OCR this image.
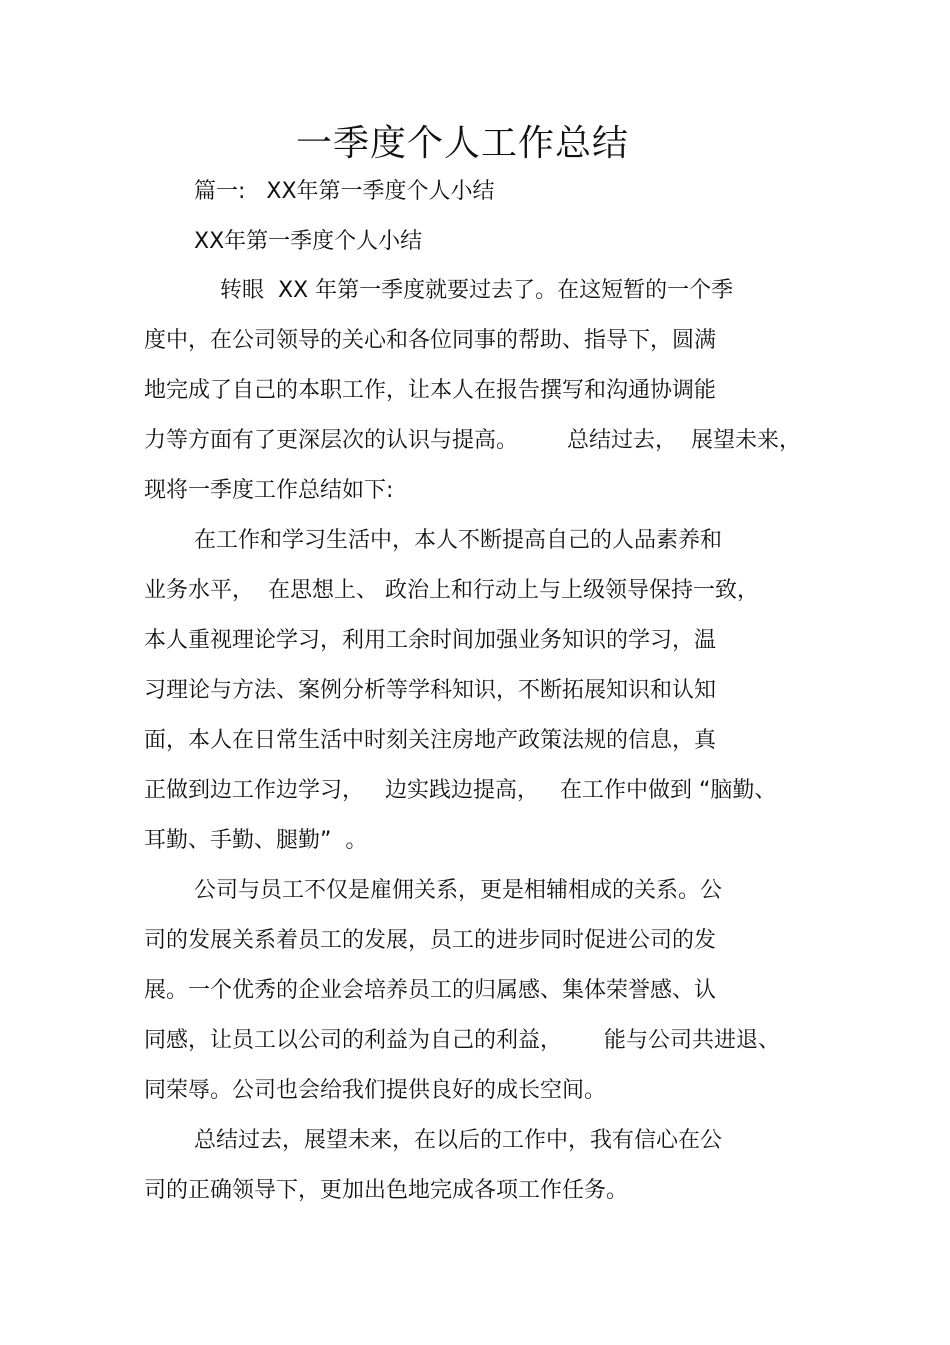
一季度个人工作总结
篇一:   XX年第一季度个人小结
XX年第一季度个人小结
转眼  XX 年第一季度就要过去了。在这短暂的一个季
度中，在公司领导的关心和各位同事的帮助、指导下，圆满
地完成了自己的本职工作，让本人在报告撰写和沟通协调能
力等方面有了更深层次的认识与提高。       总结过去，  展望未来，
现将一季度工作总结如下:
在工作和学习生活中，本人不断提高自己的人品素养和
业务水平，  在思想上、 政治上和行动上与上级领导保持一致，
本人重视理论学习，利用工余时间加强业务知识的学习，温
习理论与方法、案例分析等学科知识，不断拓展知识和认知
面，本人在日常生活中时刻关注房地产政策法规的信息，真
正做到边工作边学习，   边实践边提高，   在工作中做到 “脑勤、
耳勤、手勤、腿勤”  。
公司与员工不仅是雇佣关系，更是相辅相成的关系。公
司的发展关系着员工的发展，员工的进步同时促进公司的发
展。一个优秀的企业会培养员工的归属感、集体荣誉感、认
同感，让员工以公司的利益为自己的利益，      能与公司共进退、
同荣辱。公司也会给我们提供良好的成长空间。
总结过去，展望未来，在以后的工作中，我有信心在公
司的正确领导下，更加出色地完成各项工作任务。
